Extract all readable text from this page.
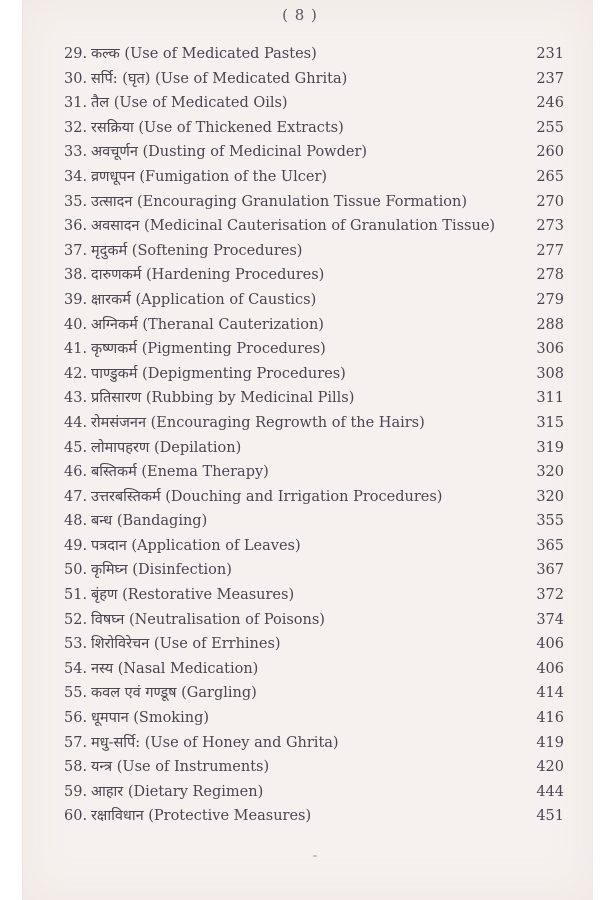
( 8 )
29. कल्क (Use of Medicated Pastes)	231
30. सर्पि: (घृत) (Use of Medicated Ghrita)	237
31. तैल (Use of Medicated Oils)	246
32. रसक्रिया (Use of Thickened Extracts)	255
33. अवचूर्णन (Dusting of Medicinal Powder)	260
34. व्रणधूपन (Fumigation of the Ulcer)	265
35. उत्सादन (Encouraging Granulation Tissue Formation)	270
36. अवसादन (Medicinal Cauterisation of Granulation Tissue)	273
37. मृदुकर्म (Softening Procedures)	277
38. दारुणकर्म (Hardening Procedures)	278
39. क्षारकर्म (Application of Caustics)	279
40. अग्निकर्म (Theranal Cauterization)	288
41. कृष्णकर्म (Pigmenting Procedures)	306
42. पाण्डुकर्म (Depigmenting Procedures)	308
43. प्रतिसारण (Rubbing by Medicinal Pills)	311
44. रोमसंजनन (Encouraging Regrowth of the Hairs)	315
45. लोमापहरण (Depilation)	319
46. बस्तिकर्म (Enema Therapy)	320
47. उत्तरबस्तिकर्म (Douching and Irrigation Procedures)	320
48. बन्ध (Bandaging)	355
49. पत्रदान (Application of Leaves)	365
50. कृमिघ्न (Disinfection)	367
51. बृंहण (Restorative Measures)	372
52. विषघ्न (Neutralisation of Poisons)	374
53. शिरोविरेचन (Use of Errhines)	406
54. नस्य (Nasal Medication)	406
55. कवल एवं गण्डूष (Gargling)	414
56. धूमपान (Smoking)	416
57. मधु-सर्पि: (Use of Honey and Ghrita)	419
58. यन्त्र (Use of Instruments)	420
59. आहार (Dietary Regimen)	444
60. रक्षाविधान (Protective Measures)	451
